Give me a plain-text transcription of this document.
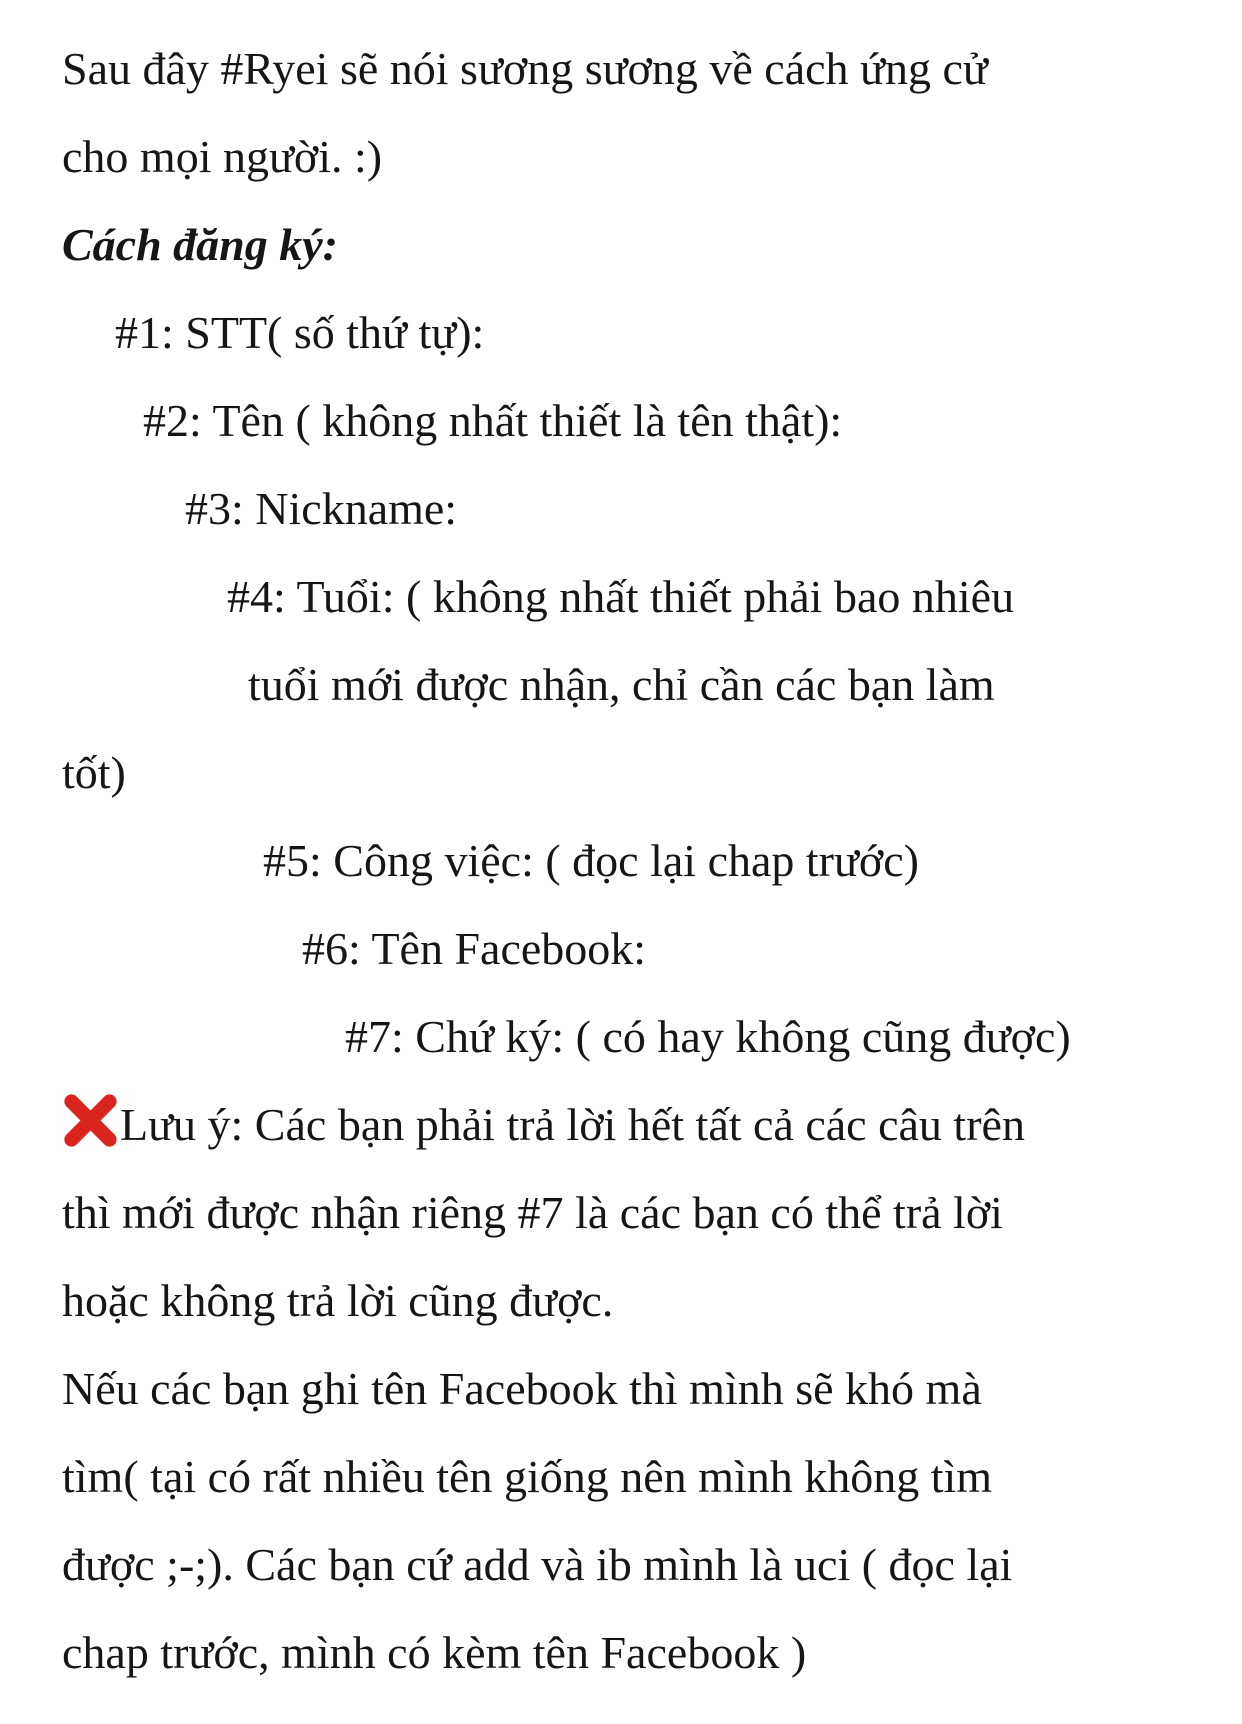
Sau đây #Ryei sẽ nói sương sương về cách ứng cử
cho mọi người. :)
Cách đăng ký:
#1: STT( số thứ tự):
#2: Tên ( không nhất thiết là tên thật):
#3: Nickname:
#4: Tuổi: ( không nhất thiết phải bao nhiêu
tuổi mới được nhận, chỉ cần các bạn làm
tốt)
#5: Công việc: ( đọc lại chap trước)
#6: Tên Facebook:
#7: Chứ ký: ( có hay không cũng được)
Lưu ý: Các bạn phải trả lời hết tất cả các câu trên
thì mới được nhận riêng #7 là các bạn có thể trả lời
hoặc không trả lời cũng được.
Nếu các bạn ghi tên Facebook thì mình sẽ khó mà
tìm( tại có rất nhiều tên giống nên mình không tìm
được ;-;). Các bạn cứ add và ib mình là uci ( đọc lại
chap trước, mình có kèm tên Facebook )
